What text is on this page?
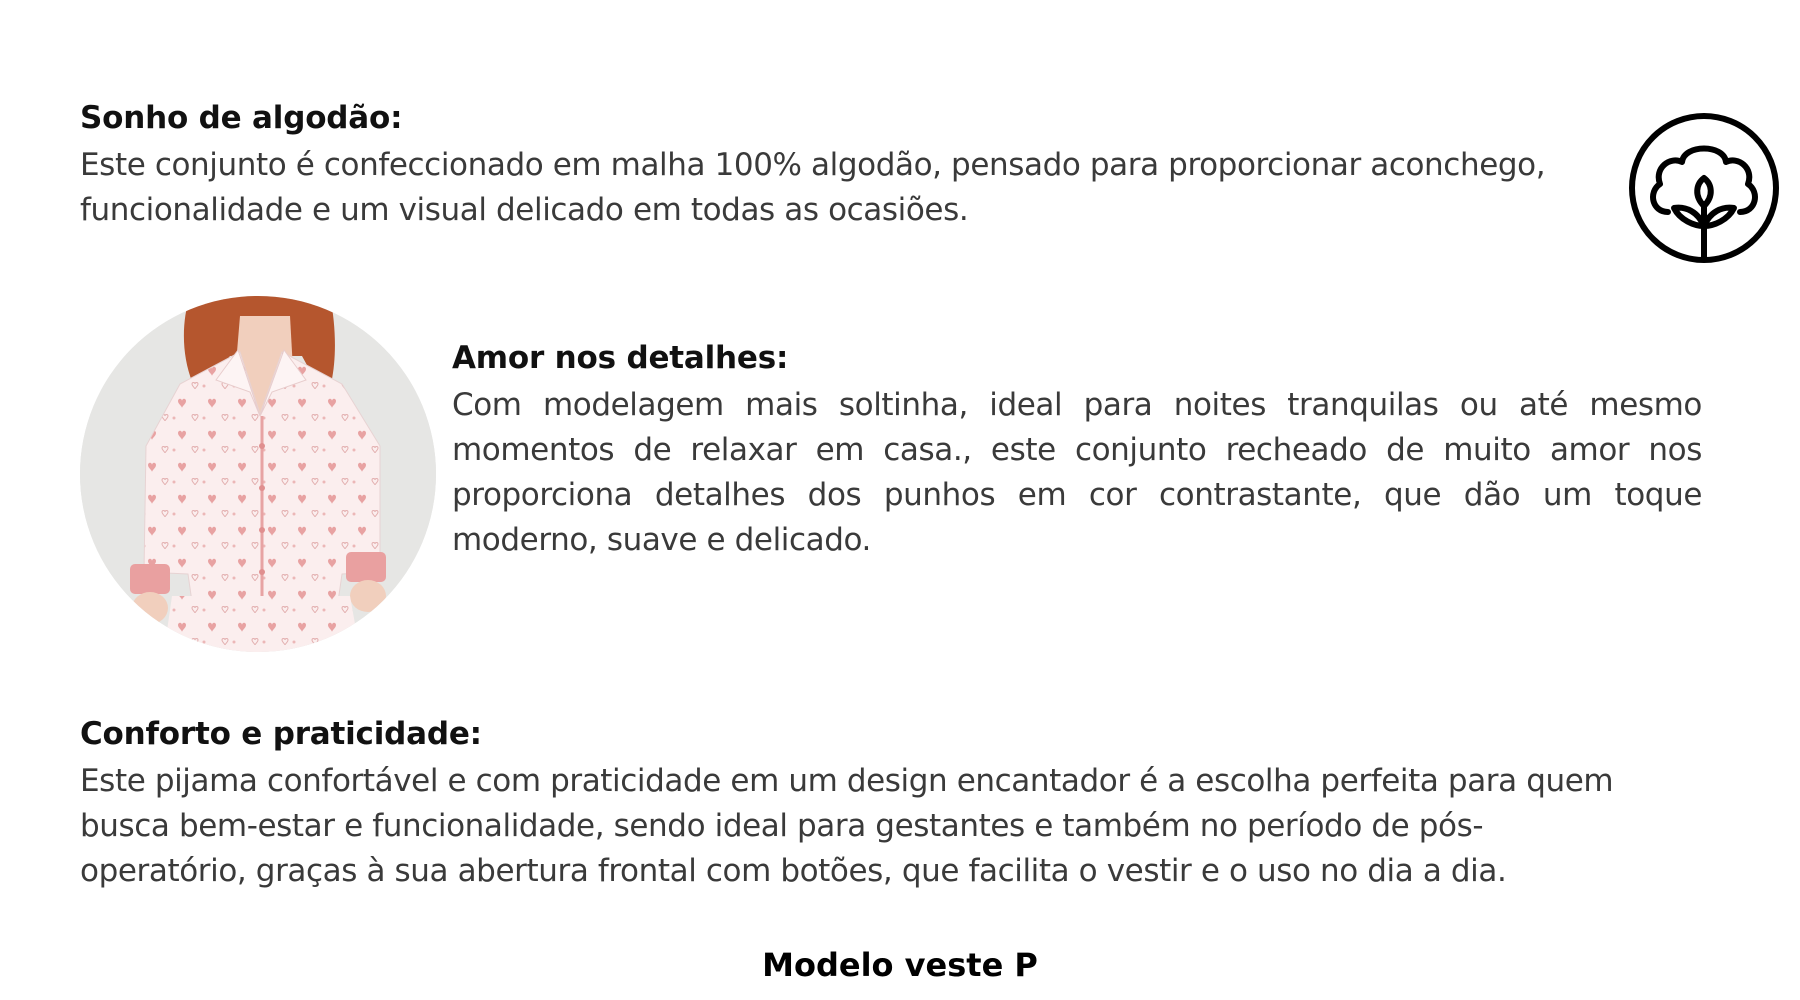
Sonho de algodão:

Este conjunto é confeccionado em malha 100% algodão, pensado para proporcionar aconchego, funcionalidade e um visual delicado em todas as ocasiões.

Amor nos detalhes:

Com modelagem mais soltinha, ideal para noites tranquilas ou até mesmo momentos de relaxar em casa., este conjunto recheado de muito amor nos proporciona detalhes dos punhos em cor contrastante, que dão um toque moderno, suave e delicado.

Conforto e praticidade:

Este pijama confortável e com praticidade em um design encantador é a escolha perfeita para quem busca bem-estar e funcionalidade, sendo ideal para gestantes e também no período de pós-operatório, graças à sua abertura frontal com botões, que facilita o vestir e o uso no dia a dia.

Modelo veste P
